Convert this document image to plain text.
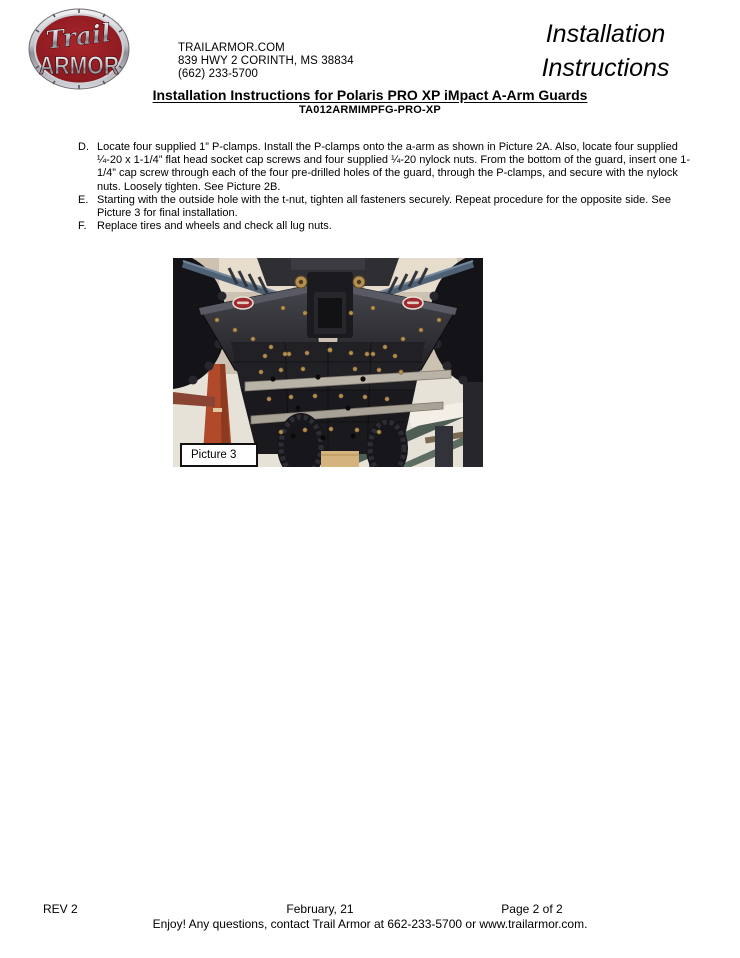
Trail
ARMOR
TRAILARMOR.COM
839 HWY 2 CORINTH, MS 38834
(662) 233-5700
Installation
Instructions
Installation Instructions for Polaris PRO XP iMpact A-Arm Guards
TA012ARMIMPFG-PRO-XP
D. Locate four supplied 1” P-clamps. Install the P-clamps onto the a-arm as shown in Picture 2A. Also, locate four supplied ¼-20 x 1-1/4” flat head socket cap screws and four supplied ¼-20 nylock nuts. From the bottom of the guard, insert one 1-1/4” cap screw through each of the four pre-drilled holes of the guard, through the P-clamps, and secure with the nylock nuts. Loosely tighten. See Picture 2B.
E. Starting with the outside hole with the t-nut, tighten all fasteners securely. Repeat procedure for the opposite side. See Picture 3 for final installation.
F. Replace tires and wheels and check all lug nuts.
Picture 3
REV 2	February, 21	Page 2 of 2
Enjoy! Any questions, contact Trail Armor at 662-233-5700 or www.trailarmor.com.
